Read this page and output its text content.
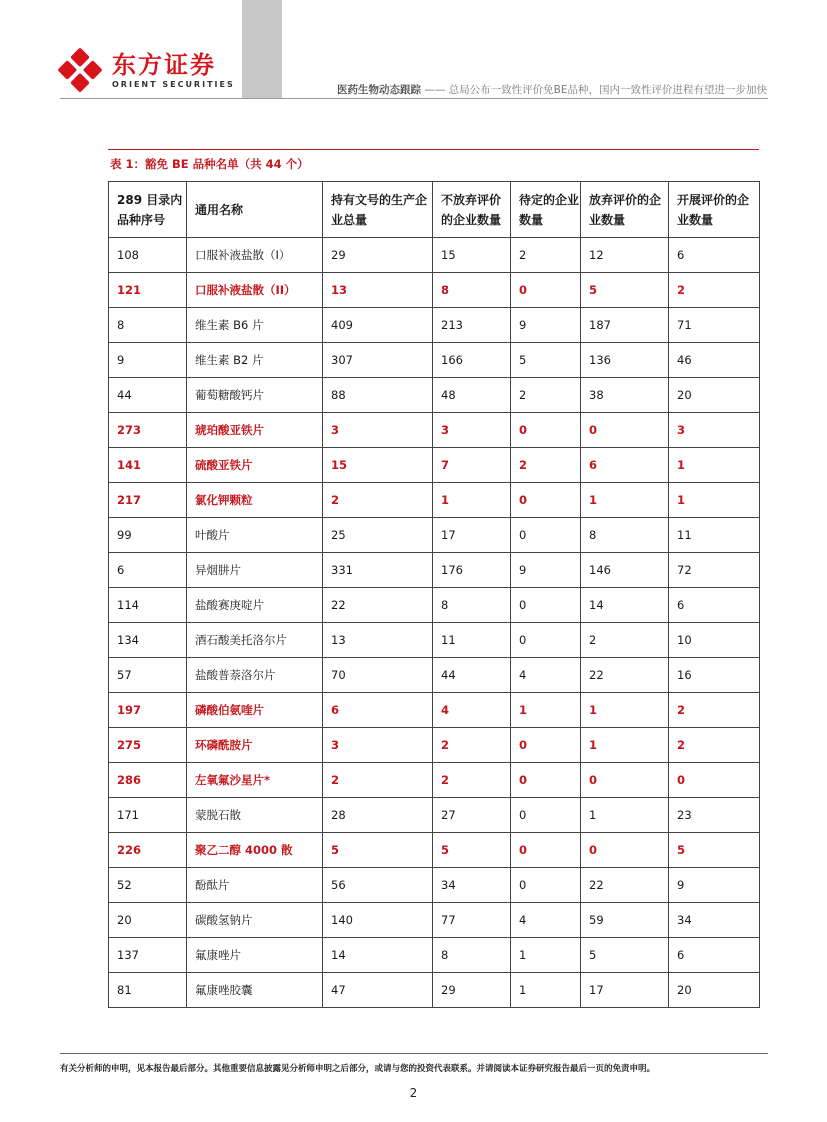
东方证券
ORIENT SECURITIES	医药生物动态跟踪 —— 总局公布一致性评价免BE品种，国内一致性评价进程有望进一步加快
表 1：豁免 BE 品种名单（共 44 个）
289 目录内品种序号	通用名称	持有文号的生产企业总量	不放弃评价的企业数量	待定的企业数量	放弃评价的企业数量	开展评价的企业数量
108	口服补液盐散（I）	29	15	2	12	6
121	口服补液盐散（II）	13	8	0	5	2
8	维生素 B6 片	409	213	9	187	71
9	维生素 B2 片	307	166	5	136	46
44	葡萄糖酸钙片	88	48	2	38	20
273	琥珀酸亚铁片	3	3	0	0	3
141	硫酸亚铁片	15	7	2	6	1
217	氯化钾颗粒	2	1	0	1	1
99	叶酸片	25	17	0	8	11
6	异烟肼片	331	176	9	146	72
114	盐酸赛庚啶片	22	8	0	14	6
134	酒石酸美托洛尔片	13	11	0	2	10
57	盐酸普萘洛尔片	70	44	4	22	16
197	磷酸伯氨喹片	6	4	1	1	2
275	环磷酰胺片	3	2	0	1	2
286	左氧氟沙星片*	2	2	0	0	0
171	蒙脱石散	28	27	0	1	23
226	聚乙二醇 4000 散	5	5	0	0	5
52	酚酞片	56	34	0	22	9
20	碳酸氢钠片	140	77	4	59	34
137	氟康唑片	14	8	1	5	6
81	氟康唑胶囊	47	29	1	17	20
有关分析师的申明，见本报告最后部分。其他重要信息披露见分析师申明之后部分，或请与您的投资代表联系。并请阅读本证券研究报告最后一页的免责申明。
2
